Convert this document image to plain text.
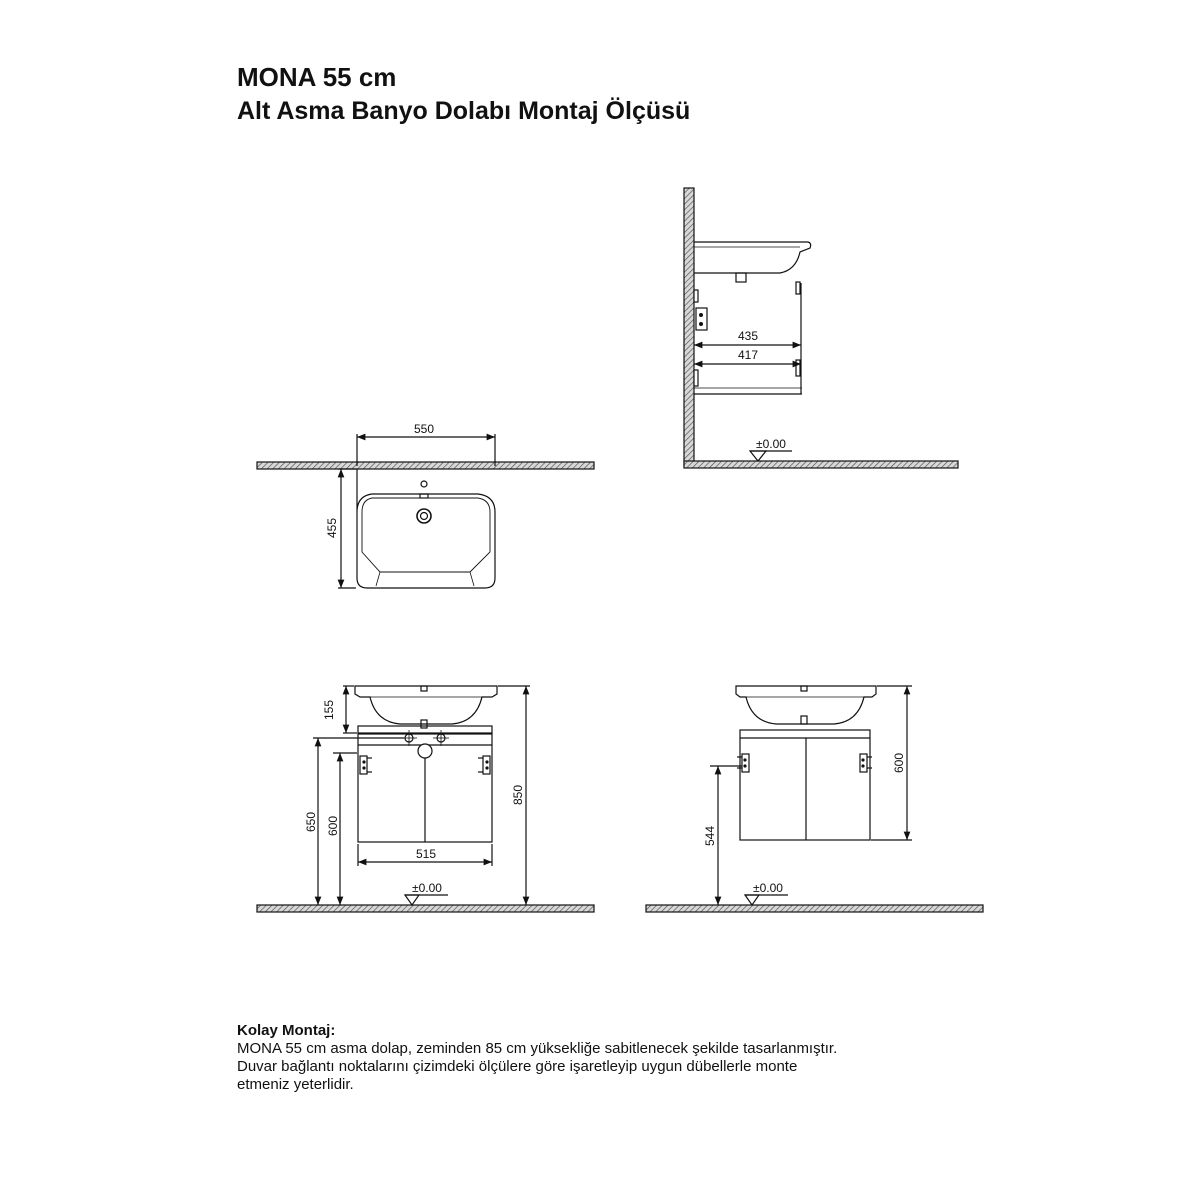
MONA 55 cm
Alt Asma Banyo Dolabı Montaj Ölçüsü
435
417
±0.00
550
455
155
650 600
850
515
±0.00
600
544
±0.00
Kolay Montaj:
MONA 55 cm asma dolap, zeminden 85 cm yüksekliğe sabitlenecek şekilde tasarlanmıştır.
Duvar bağlantı noktalarını çizimdeki ölçülere göre işaretleyip uygun dübellerle monte
etmeniz yeterlidir.
